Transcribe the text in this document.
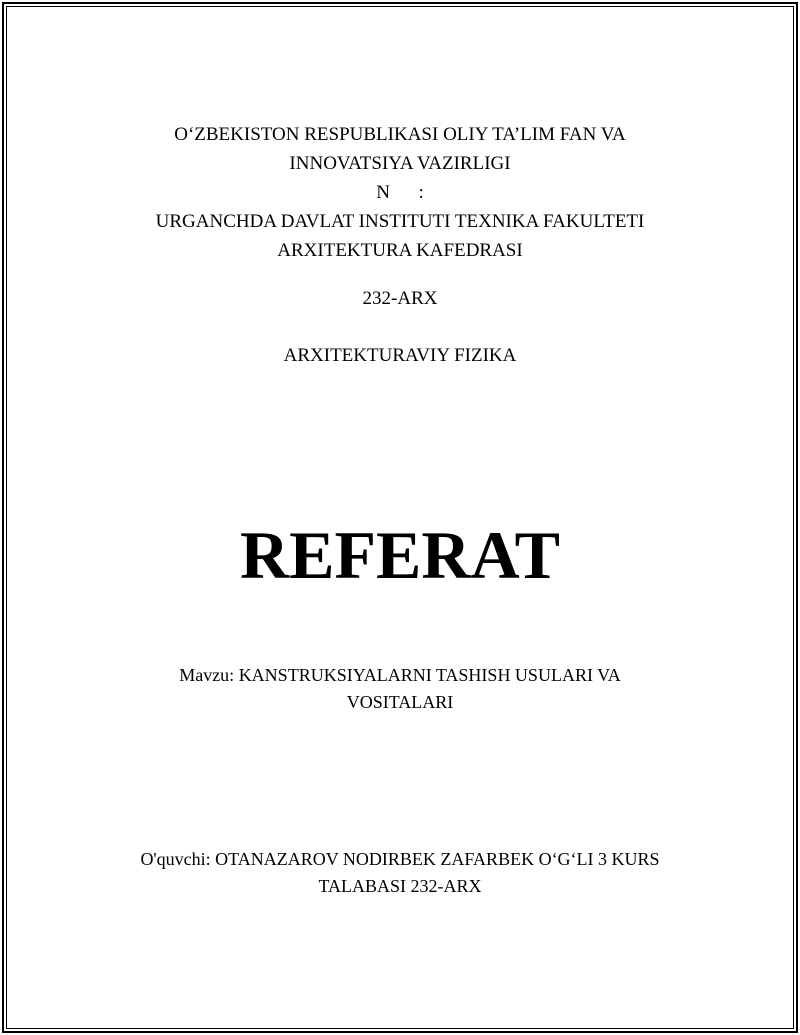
O‘ZBEKISTON RESPUBLIKASI OLIY TA’LIM FAN VA
INNOVATSIYA VAZIRLIGI
N      :
URGANCHDA DAVLAT INSTITUTI TEXNIKA FAKULTETI
ARXITEKTURA KAFEDRASI
232-ARX
ARXITEKTURAVIY FIZIKA
REFERAT
Mavzu: KANSTRUKSIYALARNI TASHISH USULARI VA
VOSITALARI
O'quvchi: OTANAZAROV NODIRBEK ZAFARBEK O‘G‘LI 3 KURS
TALABASI 232-ARX
